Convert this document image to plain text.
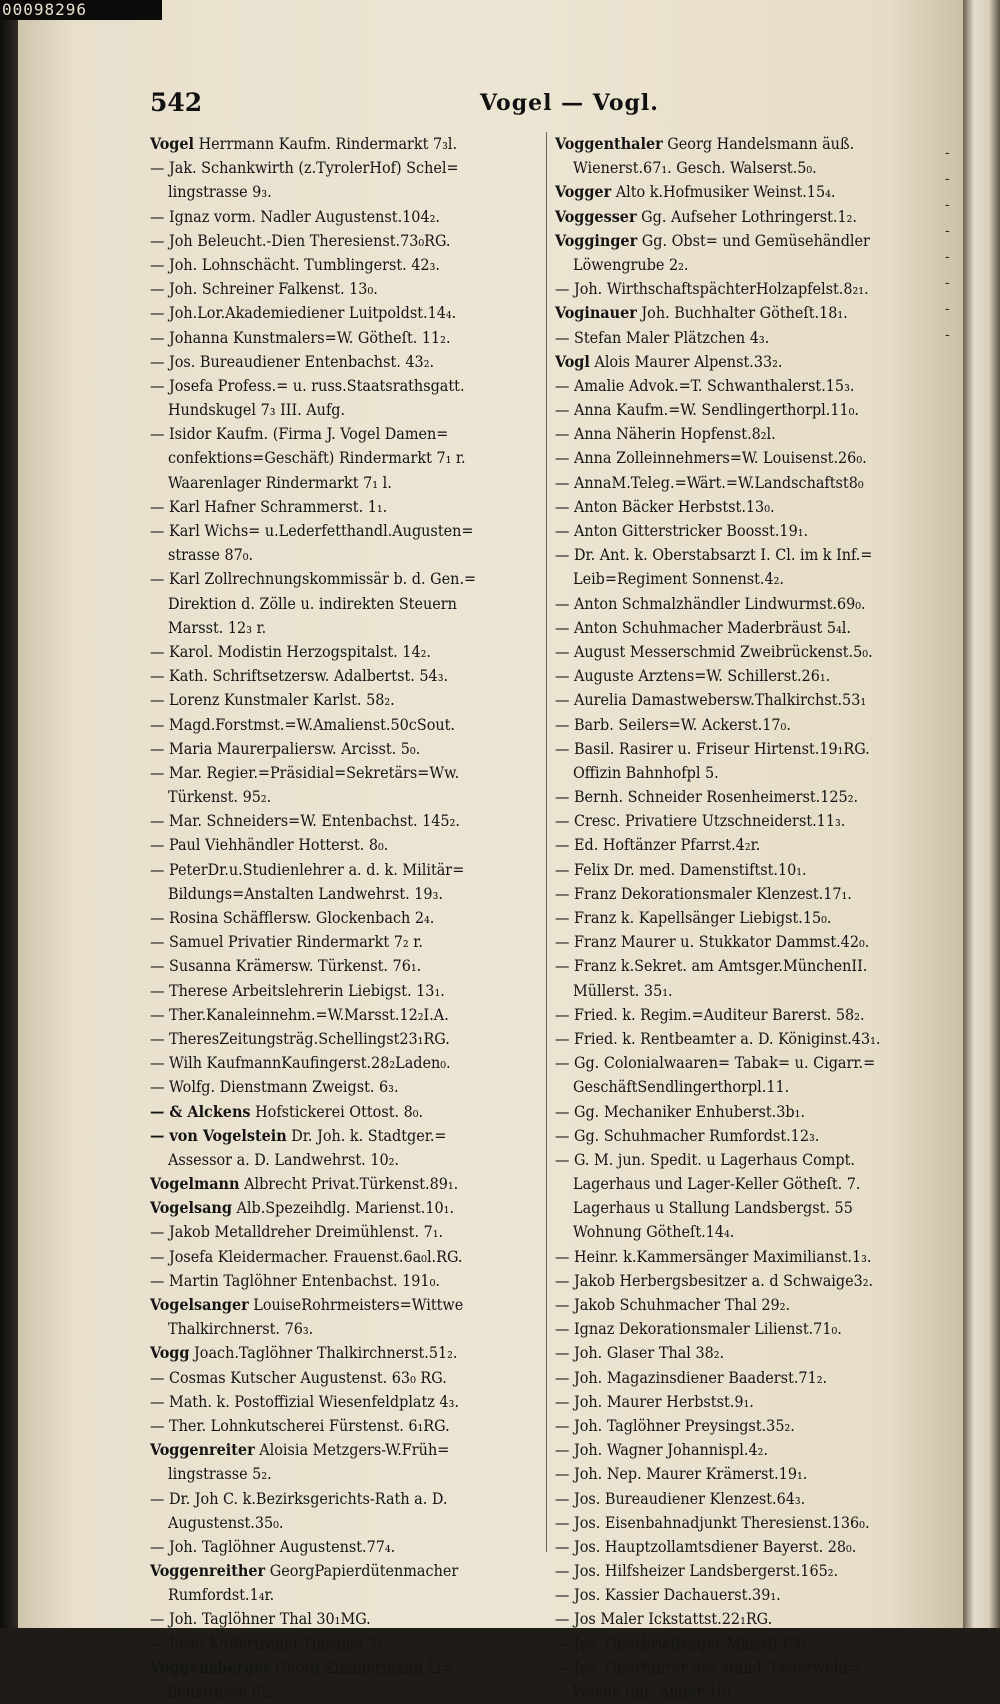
00098296
542	Vogel — Vogl.
Vogel Herrmann Kaufm. Rindermarkt 7₃l.
— Jak. Schankwirth (z.TyrolerHof) Schel=
lingstrasse 9₃.
— Ignaz vorm. Nadler Augustenst.104₂.
— Joh Beleucht.-Dien Theresienst.73₀RG.
— Joh. Lohnschächt. Tumblingerst. 42₃.
— Joh. Schreiner Falkenst. 13₀.
— Joh.Lor.Akademiediener Luitpoldst.14₄.
— Johanna Kunstmalers=W. Götheſt. 11₂.
— Jos. Bureaudiener Entenbachst. 43₂.
— Josefa Profess.= u. russ.Staatsrathsgatt.
Hundskugel 7₃ III. Aufg.
— Isidor Kaufm. (Firma J. Vogel Damen=
confektions=Geschäft) Rindermarkt 7₁ r.
Waarenlager Rindermarkt 7₁ l.
— Karl Hafner Schrammerst. 1₁.
— Karl Wichs= u.Lederfetthandl.Augusten=
strasse 87₀.
— Karl Zollrechnungskommissär b. d. Gen.=
Direktion d. Zölle u. indirekten Steuern
Marsst. 12₃ r.
— Karol. Modistin Herzogspitalst. 14₂.
— Kath. Schriftsetzersw. Adalbertst. 54₃.
— Lorenz Kunstmaler Karlst. 58₂.
— Magd.Forstmst.=W.Amalienst.50cSout.
— Maria Maurerpaliersw. Arcisst. 5₀.
— Mar. Regier.=Präsidial=Sekretärs=Ww.
Türkenst. 95₂.
— Mar. Schneiders=W. Entenbachst. 145₂.
— Paul Viehhändler Hotterst. 8₀.
— PeterDr.u.Studienlehrer a. d. k. Militär=
Bildungs=Anstalten Landwehrst. 19₃.
— Rosina Schäfflersw. Glockenbach 2₄.
— Samuel Privatier Rindermarkt 7₂ r.
— Susanna Krämersw. Türkenst. 76₁.
— Therese Arbeitslehrerin Liebigst. 13₁.
— Ther.Kanaleinnehm.=W.Marsst.12₂I.A.
— TheresZeitungsträg.Schellingst23₁RG.
— Wilh KaufmannKaufingerst.28₂Laden₀.
— Wolfg. Dienstmann Zweigst. 6₃.
— & Alckens Hofstickerei Ottost. 8₀.
— von Vogelstein Dr. Joh. k. Stadtger.=
Assessor a. D. Landwehrst. 10₂.
Vogelmann Albrecht Privat.Türkenst.89₁.
Vogelsang Alb.Spezeihdlg. Marienst.10₁.
— Jakob Metalldreher Dreimühlenst. 7₁.
— Josefa Kleidermacher. Frauenst.6a₀l.RG.
— Martin Taglöhner Entenbachst. 191₀.
Vogelsanger LouiseRohrmeisters=Wittwe
Thalkirchnerst. 76₃.
Vogg Joach.Taglöhner Thalkirchnerst.51₂.
— Cosmas Kutscher Augustenst. 63₀ RG.
— Math. k. Postoffizial Wiesenfeldplatz 4₃.
— Ther. Lohnkutscherei Fürstenst. 6₁RG.
Voggenreiter Aloisia Metzgers-W.Früh=
lingstrasse 5₂.
— Dr. Joh C. k.Bezirksgerichts-Rath a. D.
Augustenst.35₀.
— Joh. Taglöhner Augustenst.77₄.
Voggenreither GeorgPapierdütenmacher
Rumfordst.1₄r.
— Joh. Taglöhner Thal 30₁MG.
— Josef Kofferträger Hasenst.7₁.
Voggensberger Georg Zimmermann Li=
lienstrasse 62₂.
Voggenthaler Georg Handelsmann äuß.
Wienerst.67₁. Gesch. Walserst.5₀.
Vogger Alto k.Hofmusiker Weinst.15₄.
Voggesser Gg. Aufseher Lothringerst.1₂.
Vogginger Gg. Obst= und Gemüsehändler
Löwengrube 2₂.
— Joh. WirthschaftspächterHolzapfelst.8₂₁.
Voginauer Joh. Buchhalter Götheſt.18₁.
— Stefan Maler Plätzchen 4₃.
Vogl Alois Maurer Alpenst.33₂.
— Amalie Advok.=T. Schwanthalerst.15₃.
— Anna Kaufm.=W. Sendlingerthorpl.11₀.
— Anna Näherin Hopfenst.8₂l.
— Anna Zolleinnehmers=W. Louisenst.26₀.
— AnnaM.Teleg.=Wärt.=W.Landschaftst8₀
— Anton Bäcker Herbstst.13₀.
— Anton Gitterstricker Boosst.19₁.
— Dr. Ant. k. Oberstabsarzt I. Cl. im k Inf.=
Leib=Regiment Sonnenst.4₂.
— Anton Schmalzhändler Lindwurmst.69₀.
— Anton Schuhmacher Maderbräust 5₄l.
— August Messerschmid Zweibrückenst.5₀.
— Auguste Arztens=W. Schillerst.26₁.
— Aurelia Damastwebersw.Thalkirchst.53₁
— Barb. Seilers=W. Ackerst.17₀.
— Basil. Rasirer u. Friseur Hirtenst.19₁RG.
Offizin Bahnhofpl 5.
— Bernh. Schneider Rosenheimerst.125₂.
— Cresc. Privatiere Utzschneiderst.11₃.
— Ed. Hoftänzer Pfarrst.4₂r.
— Felix Dr. med. Damenstiftst.10₁.
— Franz Dekorationsmaler Klenzest.17₁.
— Franz k. Kapellsänger Liebigst.15₀.
— Franz Maurer u. Stukkator Dammst.42₀.
— Franz k.Sekret. am Amtsger.MünchenII.
Müllerst. 35₁.
— Fried. k. Regim.=Auditeur Barerst. 58₂.
— Fried. k. Rentbeamter a. D. Königinst.43₁.
— Gg. Colonialwaaren= Tabak= u. Cigarr.=
GeschäftSendlingerthorpl.11.
— Gg. Mechaniker Enhuberst.3b₁.
— Gg. Schuhmacher Rumfordst.12₃.
— G. M. jun. Spedit. u Lagerhaus Compt.
Lagerhaus und Lager-Keller Götheſt. 7.
Lagerhaus u Stallung Landsbergst. 55
Wohnung Götheſt.14₄.
— Heinr. k.Kammersänger Maximilianst.1₃.
— Jakob Herbergsbesitzer a. d Schwaige3₂.
— Jakob Schuhmacher Thal 29₂.
— Ignaz Dekorationsmaler Lilienst.71₀.
— Joh. Glaser Thal 38₂.
— Joh. Magazinsdiener Baaderst.71₂.
— Joh. Maurer Herbstst.9₁.
— Joh. Taglöhner Preysingst.35₂.
— Joh. Wagner Johannispl.4₂.
— Joh. Nep. Maurer Krämerst.19₁.
— Jos. Bureaudiener Klenzest.64₃.
— Jos. Eisenbahnadjunkt Theresienst.136₀.
— Jos. Hauptzollamtsdiener Bayerst. 28₀.
— Jos. Hilfsheizer Landsbergerst.165₂.
— Jos. Kassier Dachauerst.39₁.
— Jos Maler Ickstattst.22₁RG.
— Jos. Oberbriefträger Maistſt.64₂.
— Jos. Oberführer der ständ. Feuerwehr=
Wache unt. Anger 10₁.
-
-
-
-
-
-
-
-
